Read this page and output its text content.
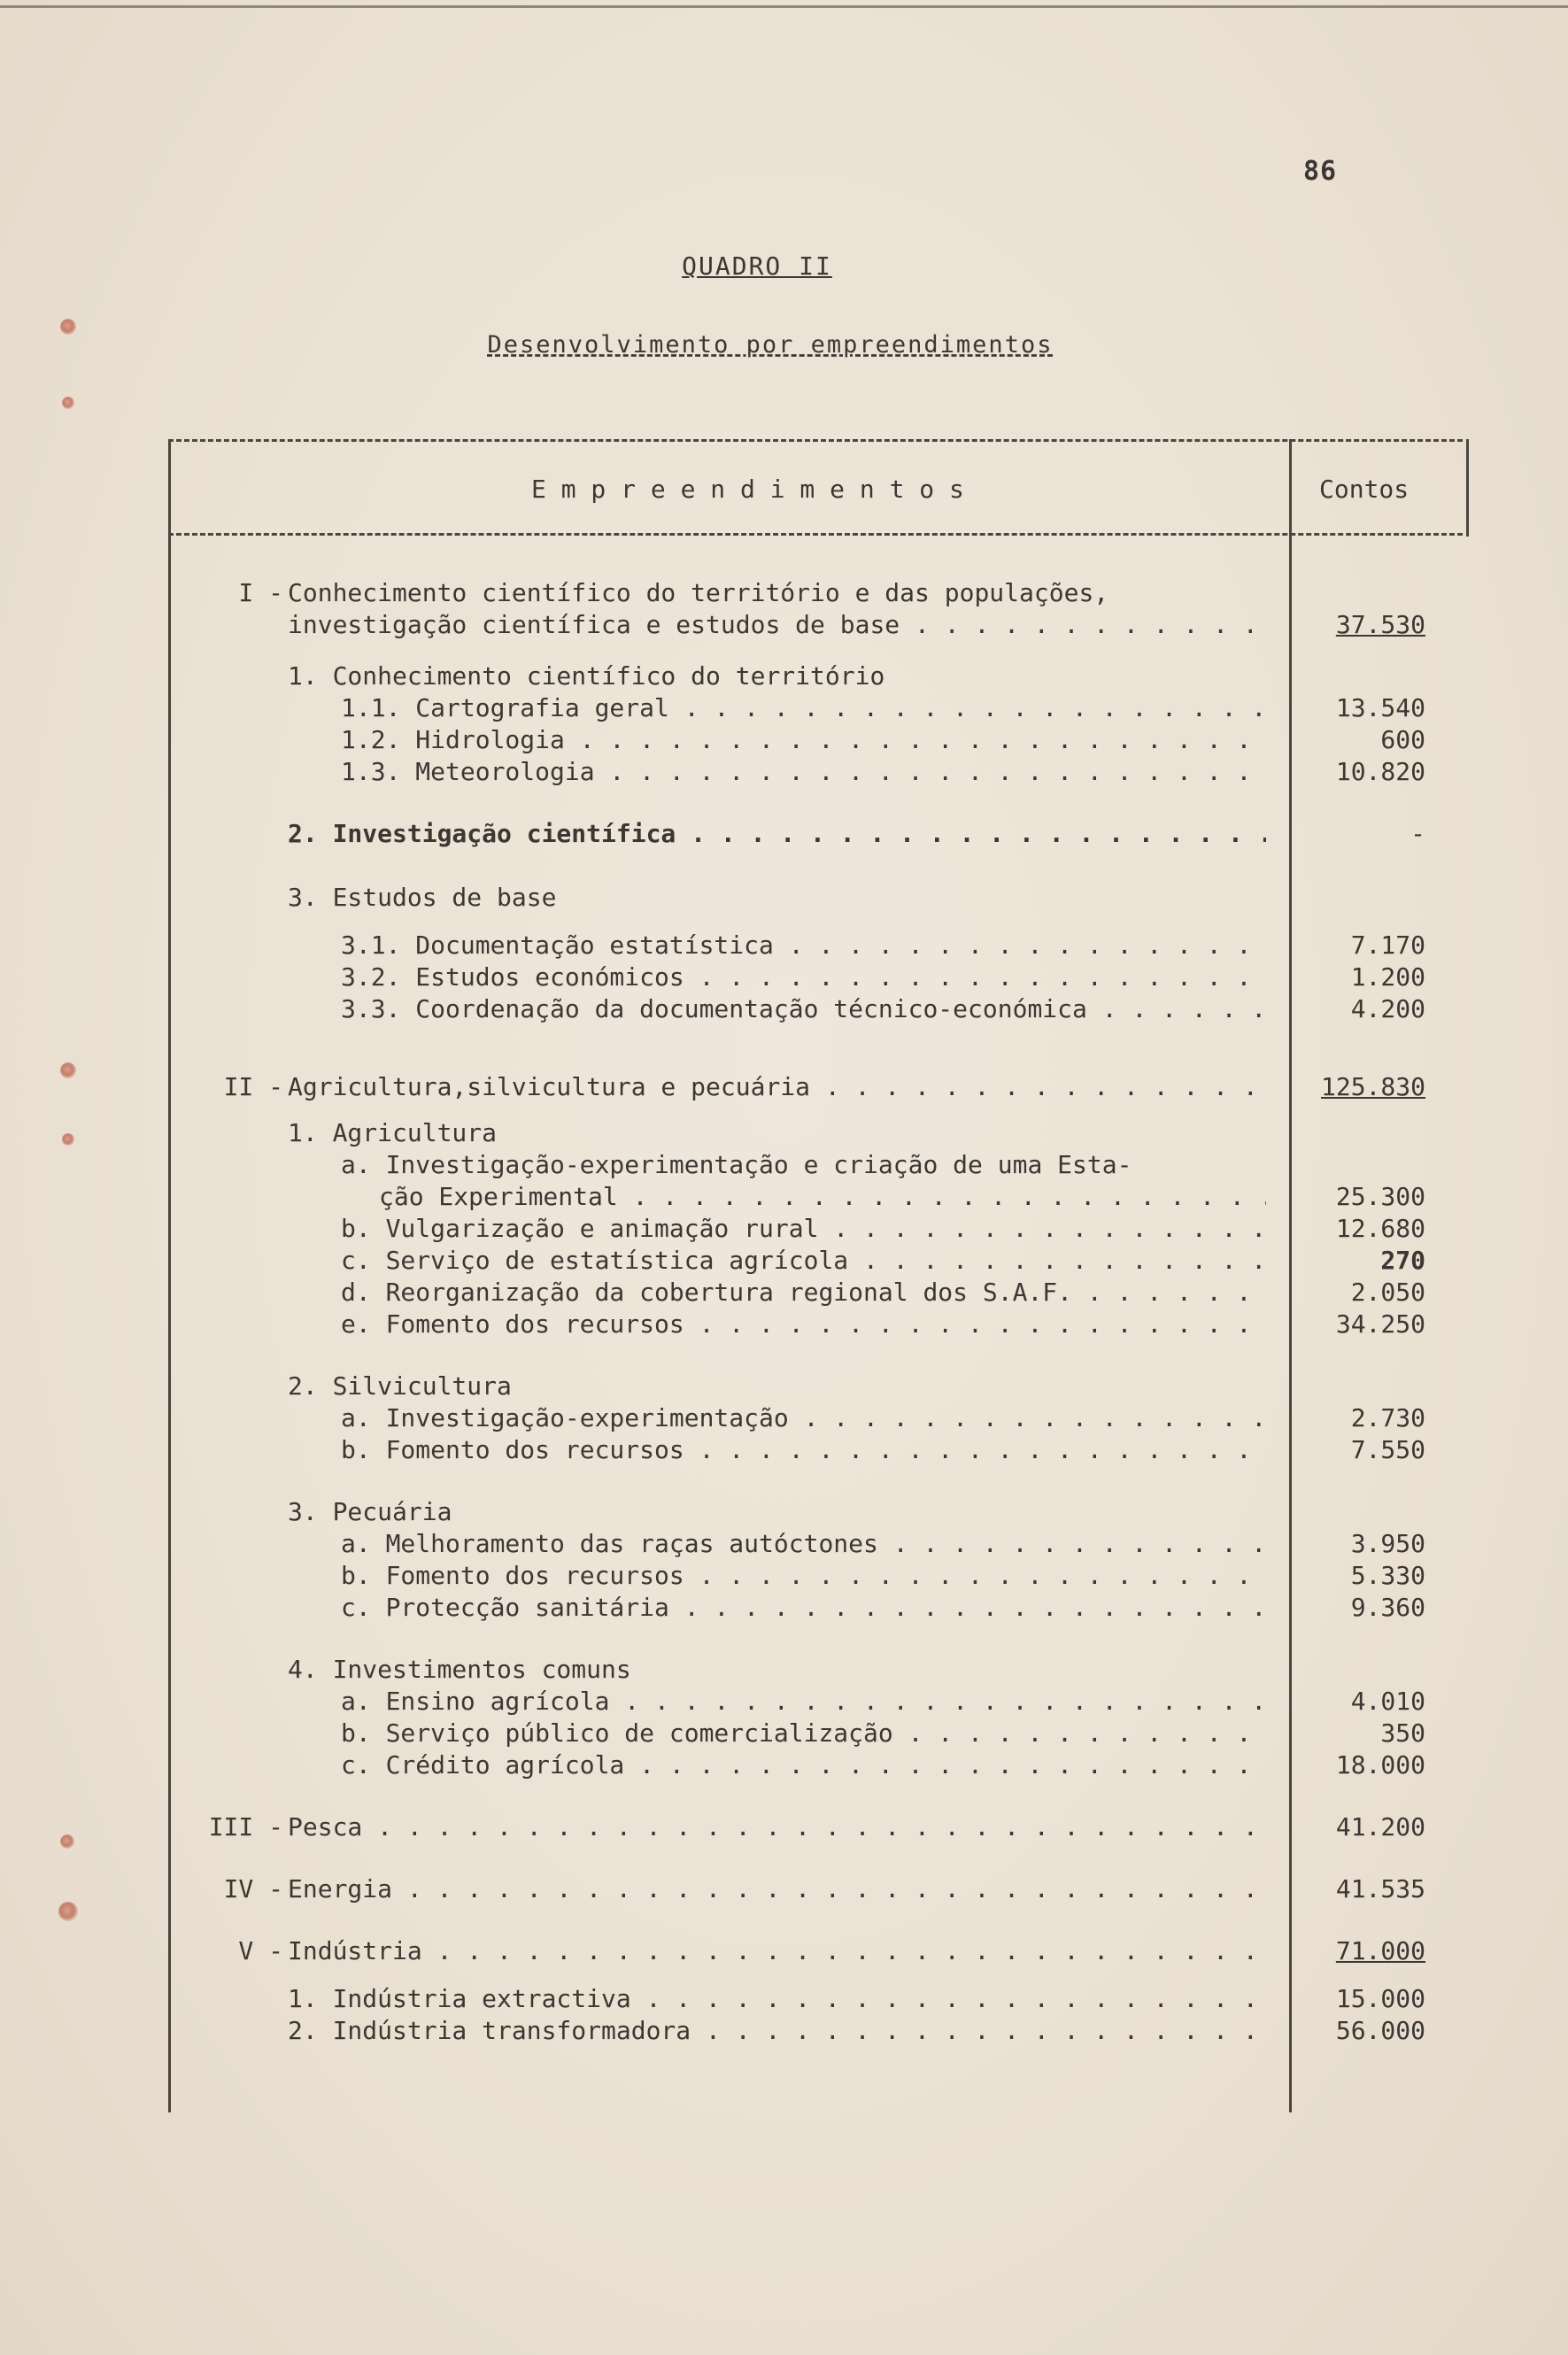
86
QUADRO II
Desenvolvimento por empreendimentos
E m p r e e n d i m e n t o s	Contos
I - Conhecimento científico do território e das populações,
investigação científica e estudos de base . . .	37.530
1. Conhecimento científico do território
1.1. Cartografia geral . . .	13.540
1.2. Hidrologia . . .	600
1.3. Meteorologia . . .	10.820
2. Investigação científica . . .	-
3. Estudos de base
3.1. Documentação estatística . . .	7.170
3.2. Estudos económicos . . .	1.200
3.3. Coordenação da documentação técnico-económica . . .	4.200
II - Agricultura,silvicultura e pecuária . . .	125.830
1. Agricultura
a. Investigação-experimentação e criação de uma Esta-
ção Experimental . . .	25.300
b. Vulgarização e animação rural . . .	12.680
c. Serviço de estatística agrícola . . .	270
d. Reorganização da cobertura regional dos S.A.F. . . .	2.050
e. Fomento dos recursos . . .	34.250
2. Silvicultura
a. Investigação-experimentação . . .	2.730
b. Fomento dos recursos . . .	7.550
3. Pecuária
a. Melhoramento das raças autóctones . . .	3.950
b. Fomento dos recursos . . .	5.330
c. Protecção sanitária . . .	9.360
4. Investimentos comuns
a. Ensino agrícola . . .	4.010
b. Serviço público de comercialização . . .	350
c. Crédito agrícola . . .	18.000
III - Pesca . . .	41.200
IV - Energia . . .	41.535
V - Indústria . . .	71.000
1. Indústria extractiva . . .	15.000
2. Indústria transformadora . . .	56.000
